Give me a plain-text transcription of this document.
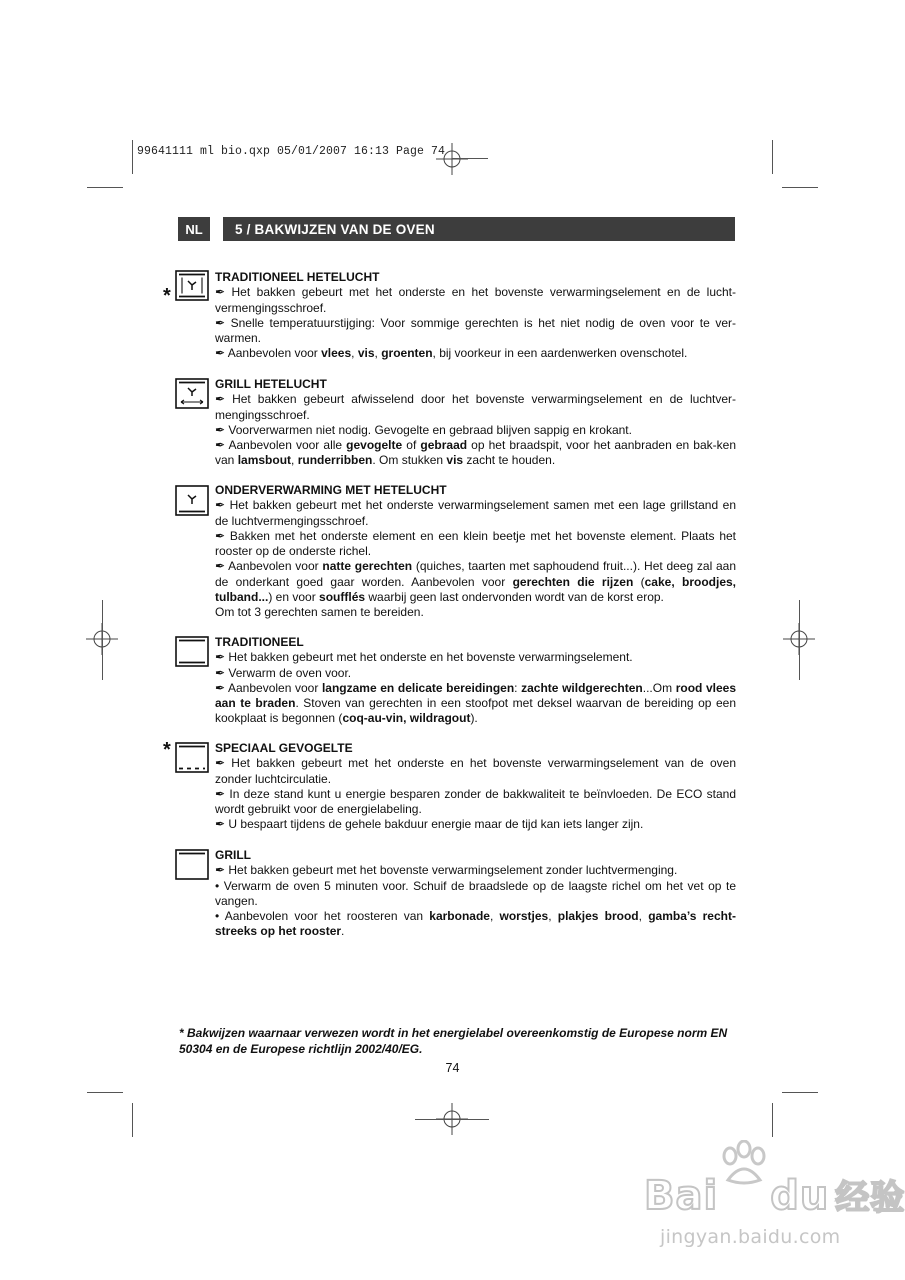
99641111 ml bio.qxp 05/01/2007 16:13 Page 74
NL	5 / BAKWIJZEN VAN DE OVEN
*
TRADITIONEEL HETELUCHT

✒ Het bakken gebeurt met het onderste en het bovenste verwarmingselement en de lucht-vermengingsschroef.

✒ Snelle temperatuurstijging: Voor sommige gerechten is het niet nodig de oven voor te ver-warmen.

✒ Aanbevolen voor vlees, vis, groenten, bij voorkeur in een aardenwerken ovenschotel.

GRILL HETELUCHT

✒ Het bakken gebeurt afwisselend door het bovenste verwarmingselement en de luchtver-mengingsschroef.

✒ Voorverwarmen niet nodig. Gevogelte en gebraad blijven sappig en krokant.

✒ Aanbevolen voor alle gevogelte of gebraad op het braadspit, voor het aanbraden en bak-ken van lamsbout, runderribben. Om stukken vis zacht te houden.

ONDERVERWARMING MET HETELUCHT

✒ Het bakken gebeurt met het onderste verwarmingselement samen met een lage grillstand en de luchtvermengingsschroef.

✒ Bakken met het onderste element en een klein beetje met het bovenste element. Plaats het rooster op de onderste richel.

✒ Aanbevolen voor natte gerechten (quiches, taarten met saphoudend fruit...). Het deeg zal aan de onderkant goed gaar worden. Aanbevolen voor gerechten die rijzen (cake, broodjes, tulband...) en voor soufflés waarbij geen last ondervonden wordt van de korst erop.

Om tot 3 gerechten samen te bereiden.

TRADITIONEEL

✒ Het bakken gebeurt met het onderste en het bovenste verwarmingselement.

✒ Verwarm de oven voor.

✒ Aanbevolen voor langzame en delicate bereidingen: zachte wildgerechten...Om rood vlees aan te braden. Stoven van gerechten in een stoofpot met deksel waarvan de bereiding op een kookplaat is begonnen (coq-au-vin, wildragout).

*	SPECIAAL GEVOGELTE

✒ Het bakken gebeurt met het onderste en het bovenste verwarmingselement van de oven zonder luchtcirculatie.

✒ In deze stand kunt u energie besparen zonder de bakkwaliteit te beïnvloeden. De ECO stand wordt gebruikt voor de energielabeling.

✒ U bespaart tijdens de gehele bakduur energie maar de tijd kan iets langer zijn.

GRILL

✒ Het bakken gebeurt met het bovenste verwarmingselement zonder luchtvermenging.

• Verwarm de oven 5 minuten voor. Schuif de braadslede op de laagste richel om het vet op te vangen.

• Aanbevolen voor het roosteren van karbonade, worstjes, plakjes brood, gamba’s recht-streeks op het rooster.

* Bakwijzen waarnaar verwezen wordt in het energielabel overeenkomstig de Europese norm EN 50304 en de Europese richtlijn 2002/40/EG.
74
Bai du 经验
jingyan.baidu.com
